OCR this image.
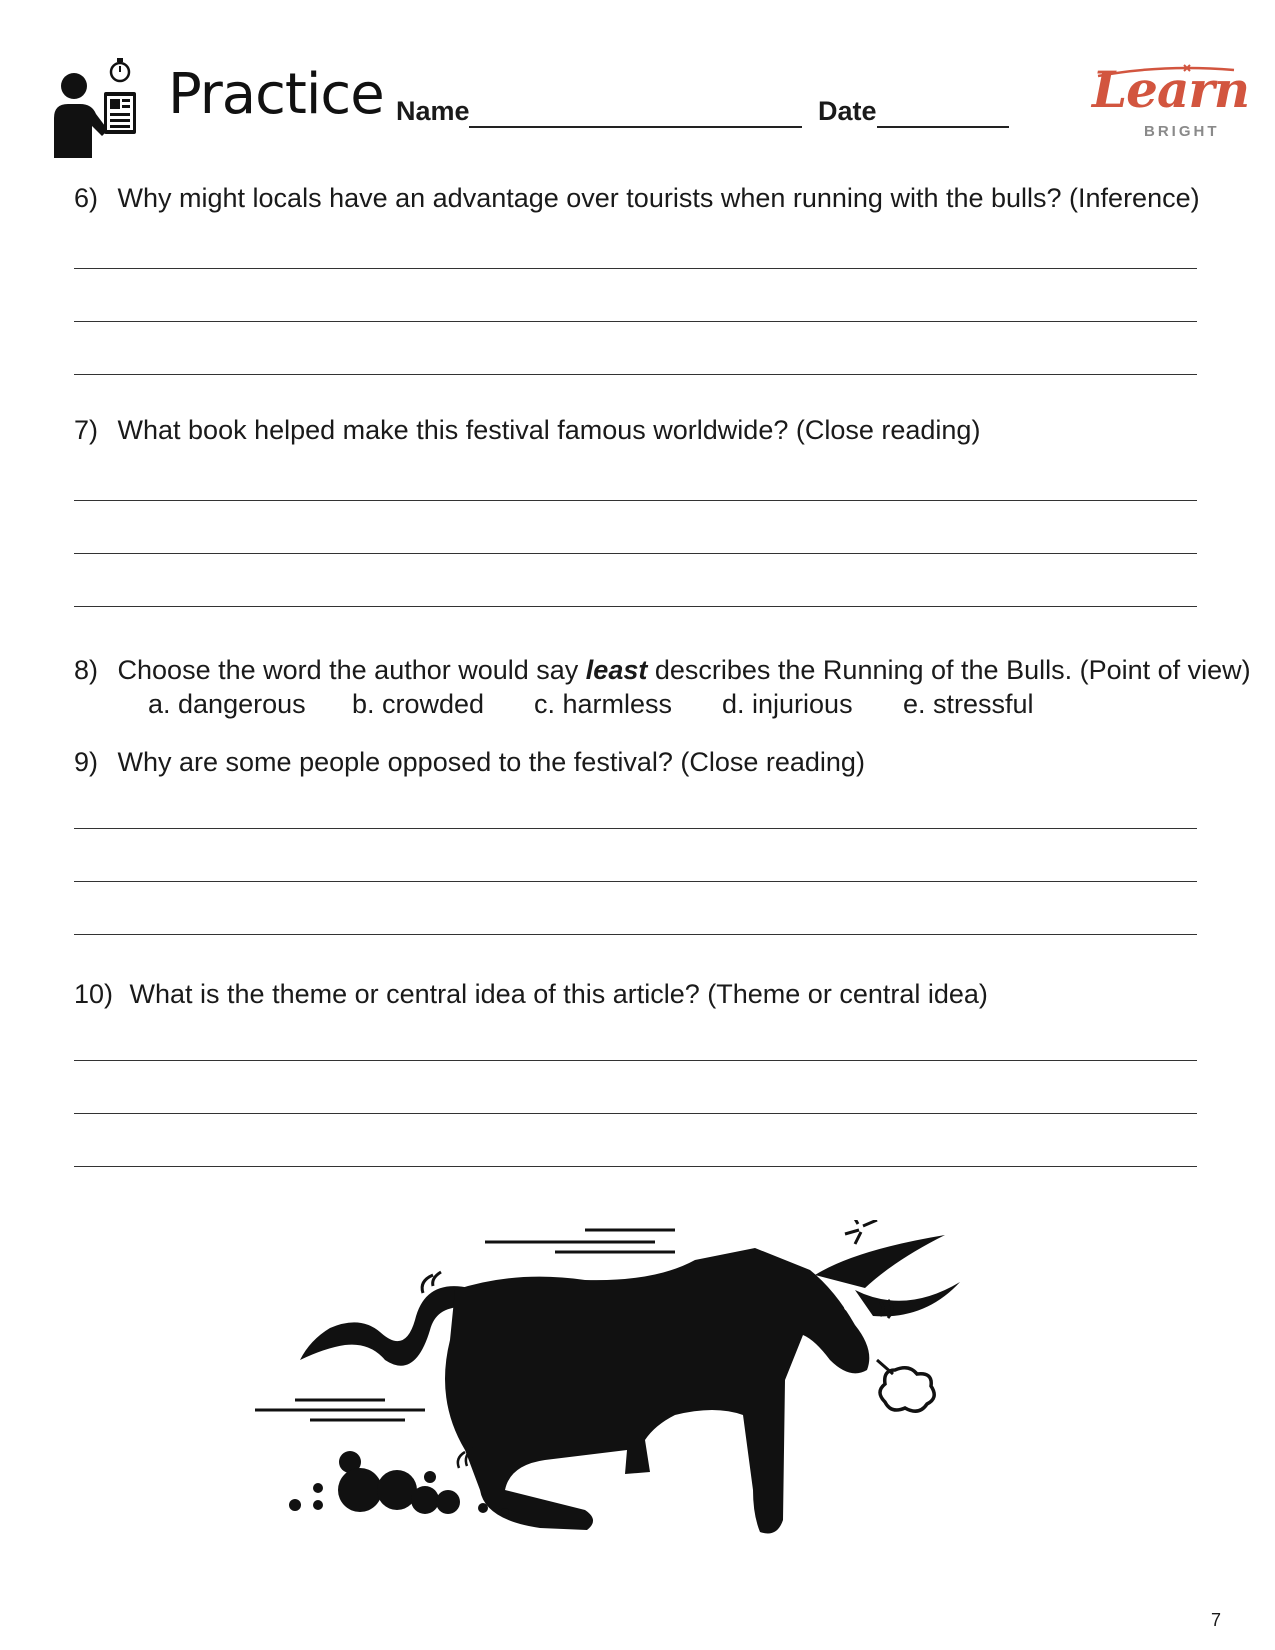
Practice Name	Date	Learn
BRIGHT
6) Why might locals have an advantage over tourists when running with the bulls? (Inference)
7) What book helped make this festival famous worldwide? (Close reading)
8) Choose the word the author would say least describes the Running of the Bulls. (Point of view)
a. dangerous b. crowded c. harmless d. injurious e. stressful
9) Why are some people opposed to the festival? (Close reading)
10) What is the theme or central idea of this article? (Theme or central idea)
7
